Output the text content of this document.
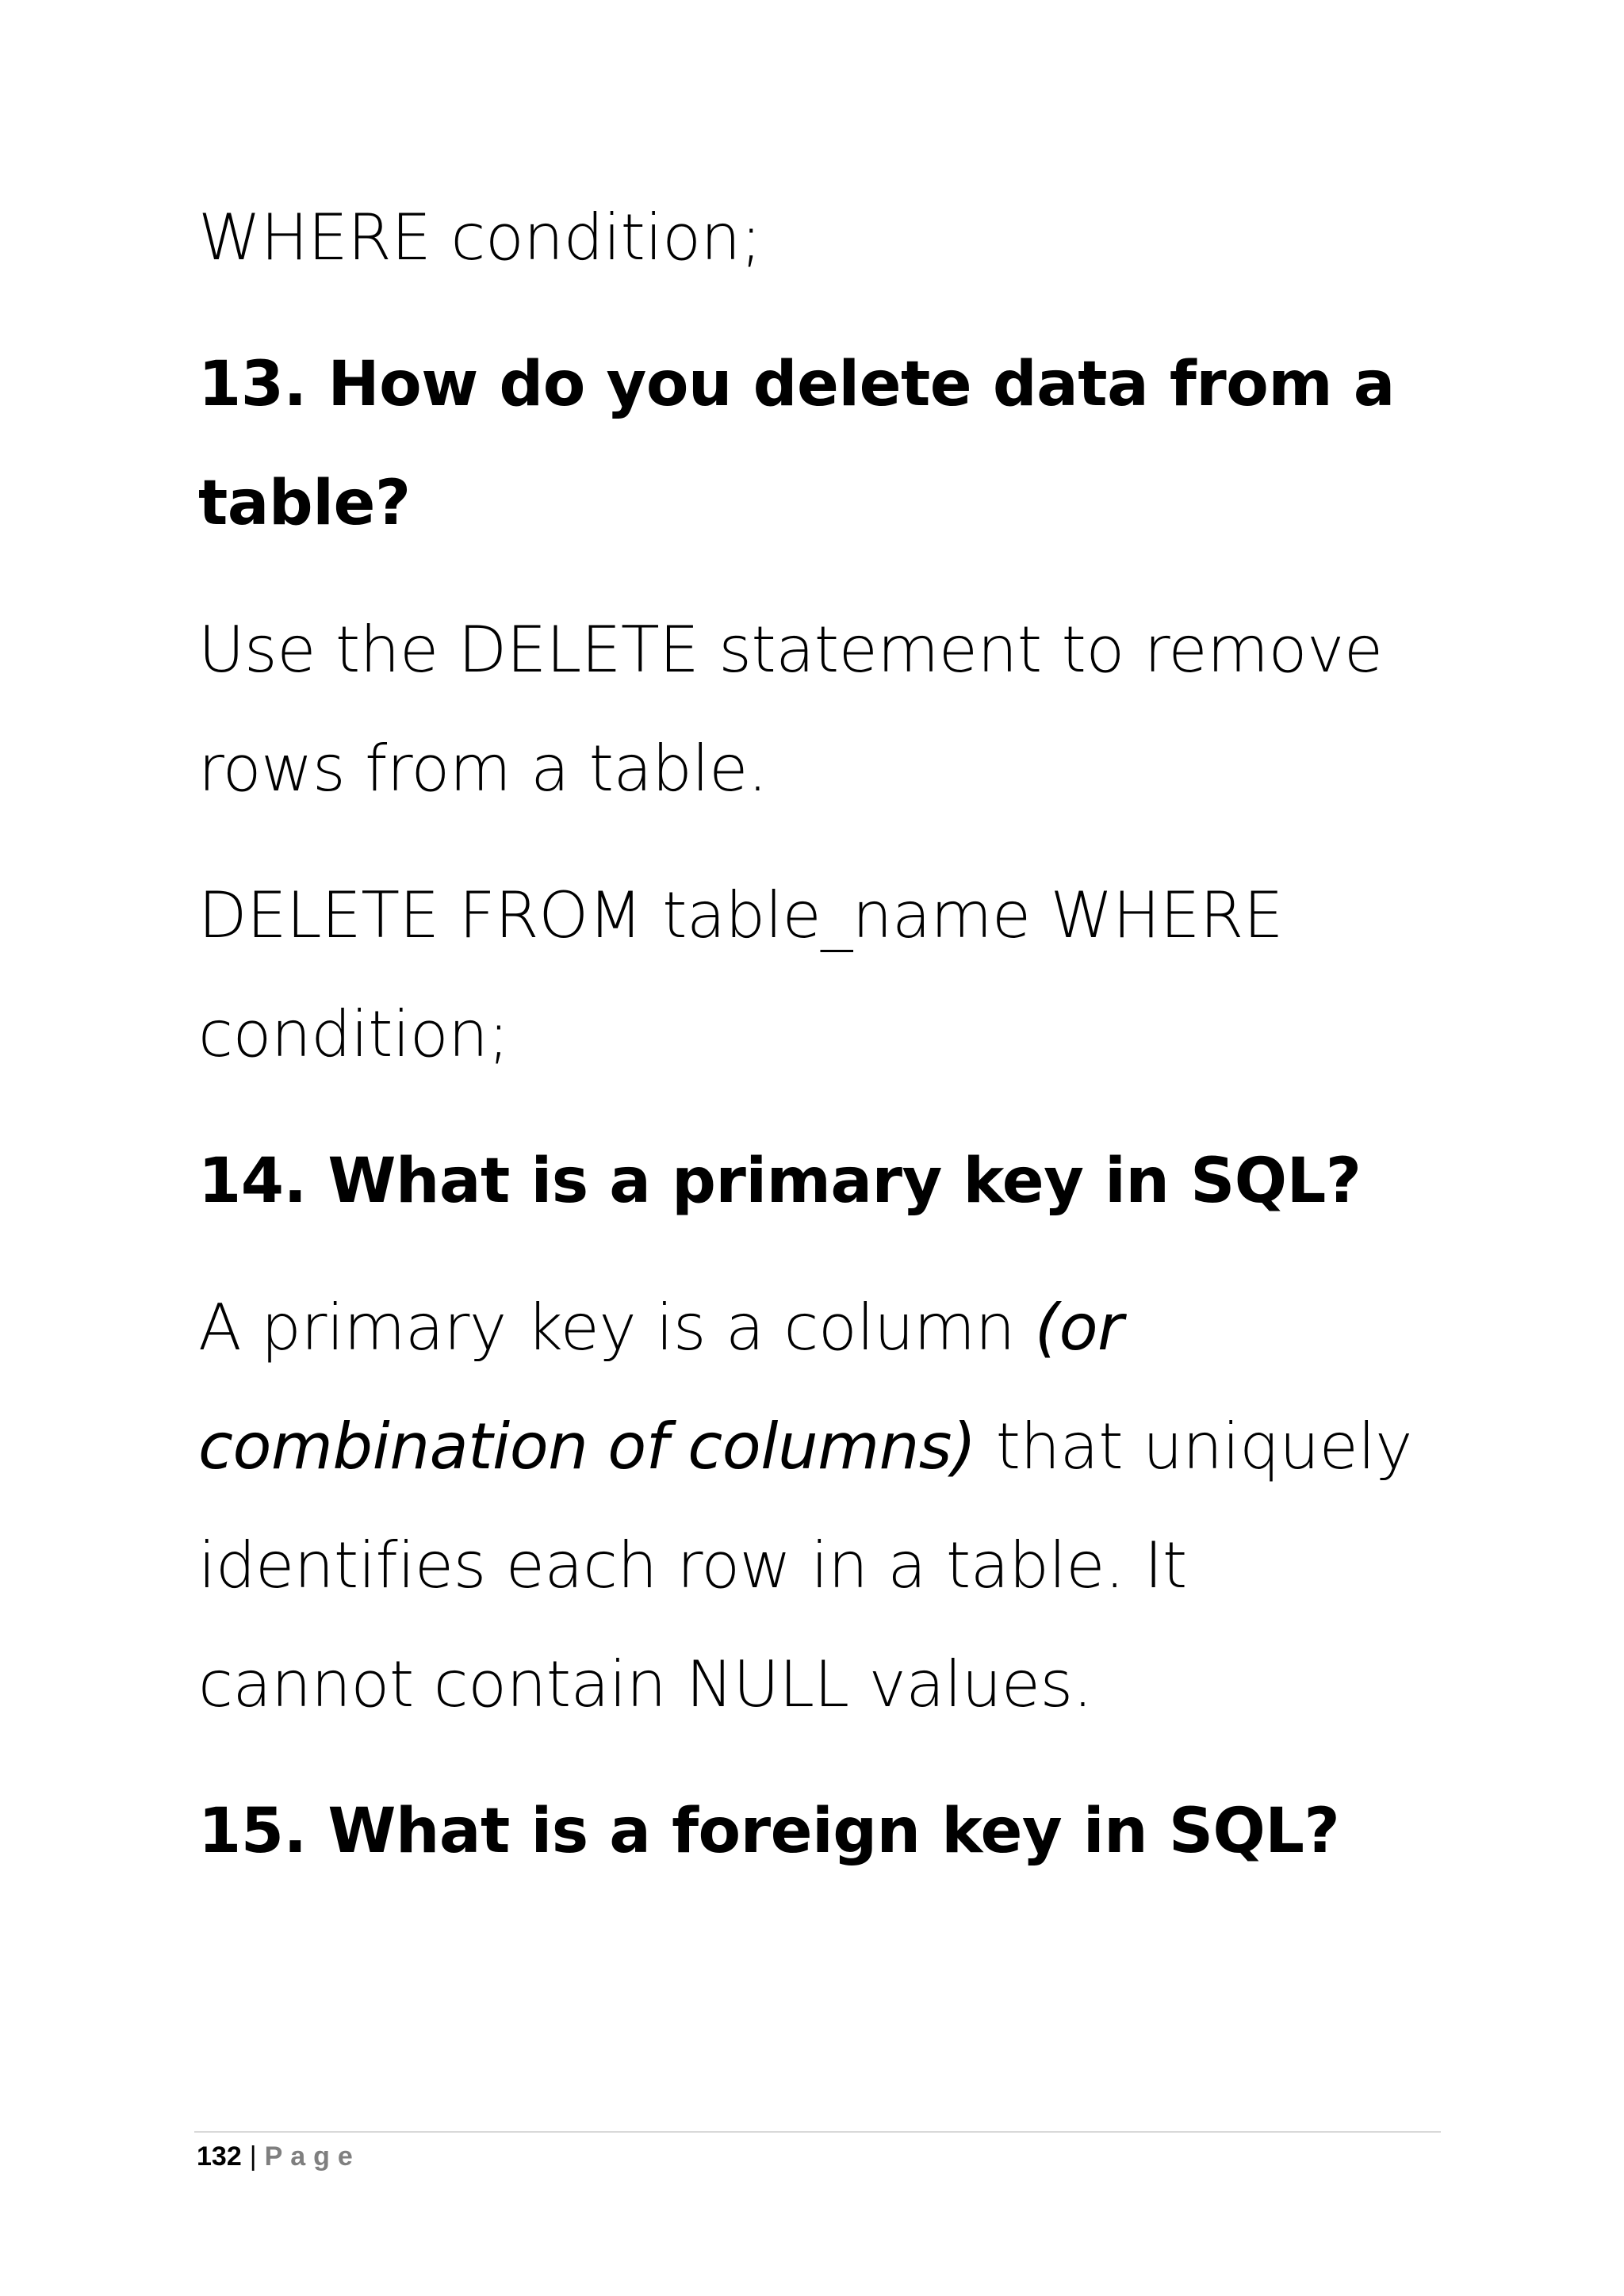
WHERE condition;
13. How do you delete data from a
table?
Use the DELETE statement to remove
rows from a table.
DELETE FROM table_name WHERE
condition;
14. What is a primary key in SQL?
A primary key is a column (or
combination of columns) that uniquely
identifies each row in a table. It
cannot contain NULL values.
15. What is a foreign key in SQL?
132 | Page
